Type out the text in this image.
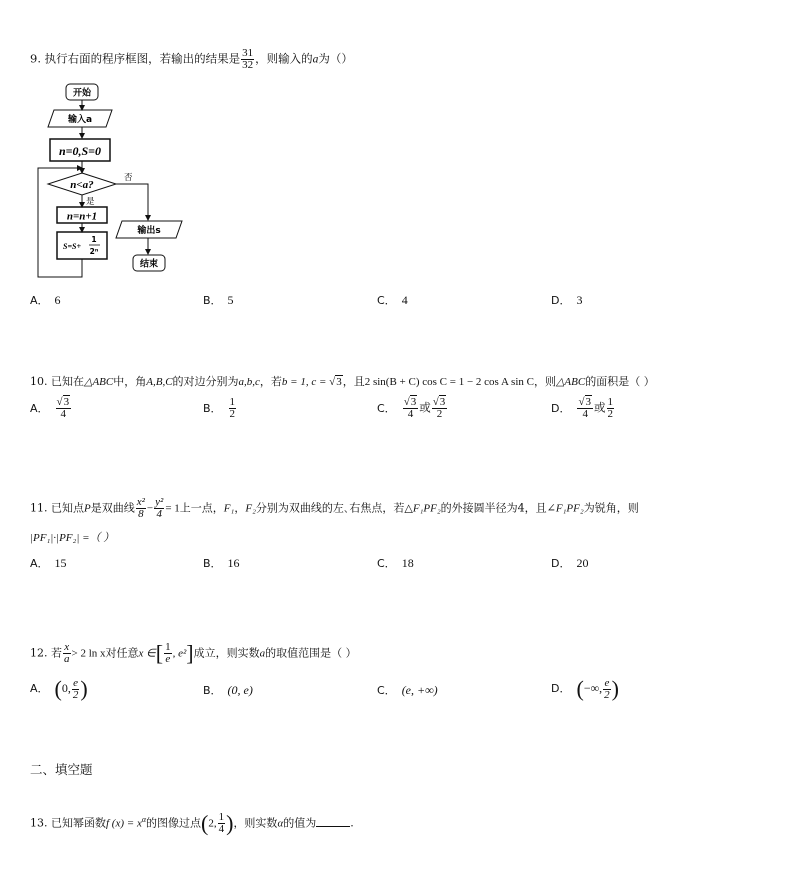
9. 执行右面的程序框图，若输出的结果是 $\frac{31}{32}$ ，则输入的a为（）
开始
输入a
n=0,S=0
n<a?
否
是
n=n+1
S=S+
1
2ⁿ
输出s
结束
A． 6	B． 5	C． 4	D． 3
10. 已知在△ABC中，角A,B,C的对边分别为a,b,c，若b = 1, c = √3，且2 sin(B + C) cos C = 1 − 2 cos A sin C，则△ABC的面积是（ ）
A． $\frac{√3}{4}$	B． $\frac{1}{2}$	C． $\frac{√3}{4}$ 或 $\frac{√3}{2}$	D． $\frac{√3}{4}$ 或 $\frac{1}{2}$
11. 已知点P是双曲线 $\frac{\text{x²}}{8} - \frac{\text{y²}}{4} = 1$上一点，F₁，F₂分别为双曲线的左､右焦点，若△F₁PF₂的外接圆半径为4，且∠F₁PF₂为锐角，则
|PF₁|·|PF₂| =（ ）
A． 15	B． 16	C． 18	D． 20
12. 若 $\frac{x}{a} > 2$ ln x对任意x ∈[ $\frac{1}{e}$ , e²]成立，则实数a的取值范围是（ ）
A． (0, $\frac{e}{2}$ )	B． (0, e)	C． (e, +∞)	D． (−∞, $\frac{e}{2}$ )
二、填空题
13. 已知幂函数f $(x) = x^\alpha$的图像过点(2, $\frac{1}{4}$ )，则实数α的值为	.
